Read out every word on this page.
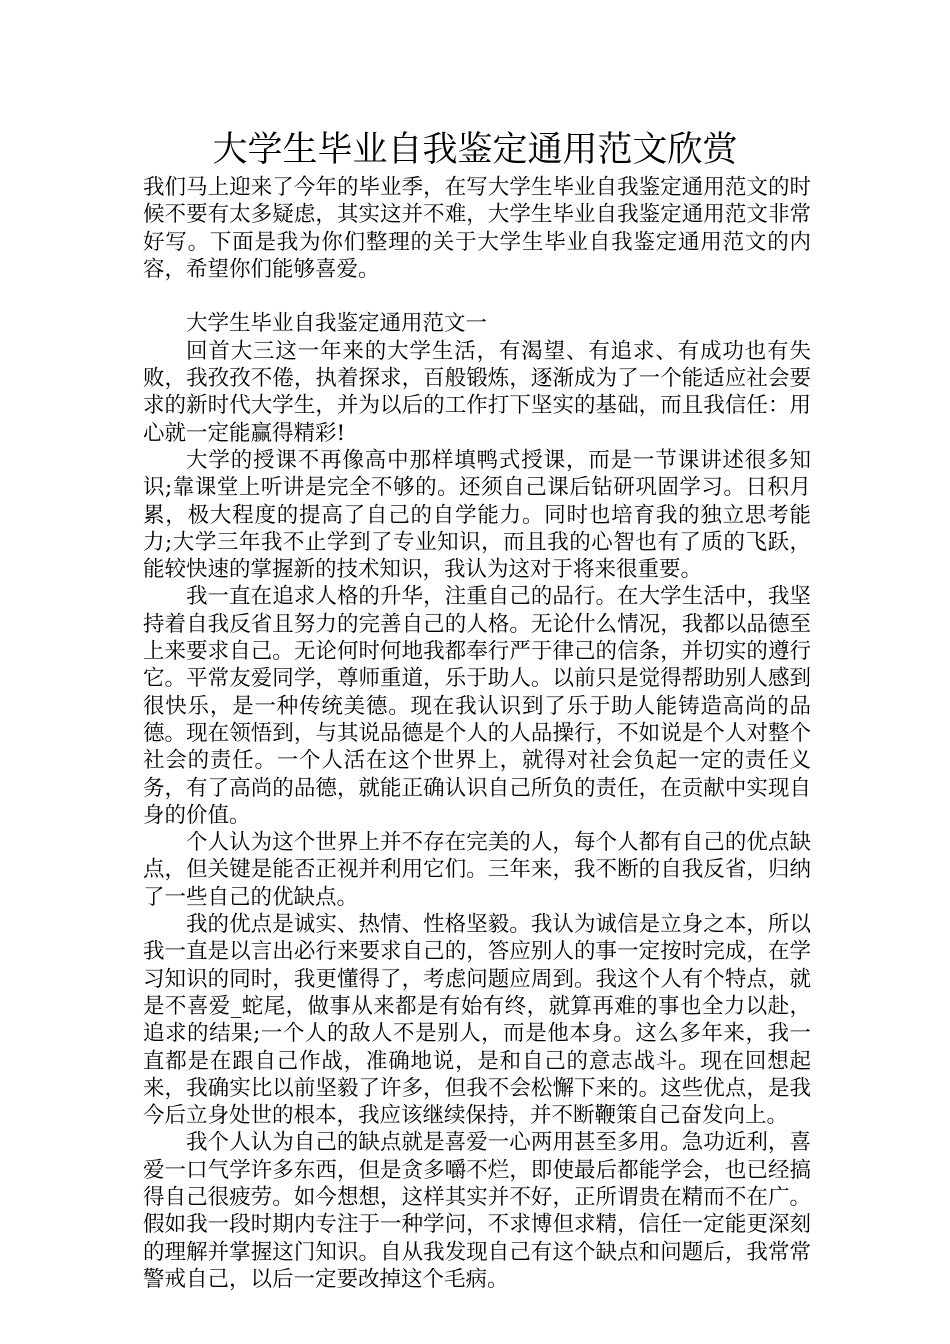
大学生毕业自我鉴定通用范文欣赏

我们马上迎来了今年的毕业季，在写大学生毕业自我鉴定通用范文的时候不要有太多疑虑，其实这并不难，大学生毕业自我鉴定通用范文非常好写。下面是我为你们整理的关于大学生毕业自我鉴定通用范文的内容，希望你们能够喜爱。

大学生毕业自我鉴定通用范文一

回首大三这一年来的大学生活，有渴望、有追求、有成功也有失败，我孜孜不倦，执着探求，百般锻炼，逐渐成为了一个能适应社会要求的新时代大学生，并为以后的工作打下坚实的基础，而且我信任：用心就一定能赢得精彩!

大学的授课不再像高中那样填鸭式授课，而是一节课讲述很多知识;靠课堂上听讲是完全不够的。还须自己课后钻研巩固学习。日积月累，极大程度的提高了自己的自学能力。同时也培育我的独立思考能力;大学三年我不止学到了专业知识，而且我的心智也有了质的飞跃，能较快速的掌握新的技术知识，我认为这对于将来很重要。

我一直在追求人格的升华，注重自己的品行。在大学生活中，我坚持着自我反省且努力的完善自己的人格。无论什么情况，我都以品德至上来要求自己。无论何时何地我都奉行严于律己的信条，并切实的遵行它。平常友爱同学，尊师重道，乐于助人。以前只是觉得帮助别人感到很快乐，是一种传统美德。现在我认识到了乐于助人能铸造高尚的品德。现在领悟到，与其说品德是个人的人品操行，不如说是个人对整个社会的责任。一个人活在这个世界上，就得对社会负起一定的责任义务，有了高尚的品德，就能正确认识自己所负的责任，在贡献中实现自身的价值。

个人认为这个世界上并不存在完美的人，每个人都有自己的优点缺点，但关键是能否正视并利用它们。三年来，我不断的自我反省，归纳了一些自己的优缺点。

我的优点是诚实、热情、性格坚毅。我认为诚信是立身之本，所以我一直是以言出必行来要求自己的，答应别人的事一定按时完成，在学习知识的同时，我更懂得了，考虑问题应周到。我这个人有个特点，就是不喜爱_蛇尾，做事从来都是有始有终，就算再难的事也全力以赴，追求的结果;一个人的敌人不是别人，而是他本身。这么多年来，我一直都是在跟自己作战，准确地说，是和自己的意志战斗。现在回想起来，我确实比以前坚毅了许多，但我不会松懈下来的。这些优点，是我今后立身处世的根本，我应该继续保持，并不断鞭策自己奋发向上。

我个人认为自己的缺点就是喜爱一心两用甚至多用。急功近利，喜爱一口气学许多东西，但是贪多嚼不烂，即使最后都能学会，也已经搞得自己很疲劳。如今想想，这样其实并不好，正所谓贵在精而不在广。假如我一段时期内专注于一种学问，不求博但求精，信任一定能更深刻的理解并掌握这门知识。自从我发现自己有这个缺点和问题后，我常常警戒自己，以后一定要改掉这个毛病。
